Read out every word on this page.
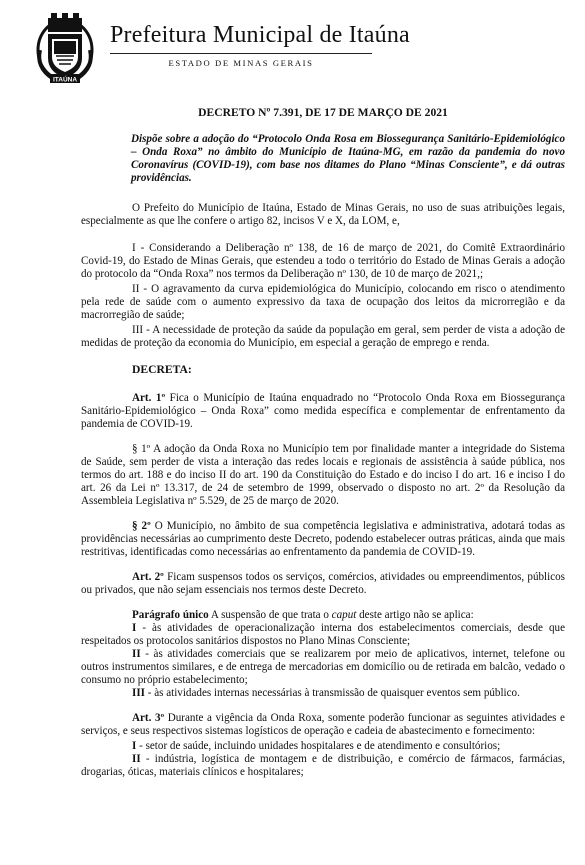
ITAÚNA
Prefeitura Municipal de Itaúna
ESTADO DE MINAS GERAIS
DECRETO Nº 7.391, DE 17 DE MARÇO DE 2021

Dispõe sobre a adoção do “Protocolo Onda Rosa em Biossegurança Sanitário-Epidemiológico – Onda Roxa” no âmbito do Município de Itaúna-MG, em razão da pandemia do novo Coronavírus (COVID-19), com base nos ditames do Plano “Minas Consciente”, e dá outras providências.

O Prefeito do Município de Itaúna, Estado de Minas Gerais, no uso de suas atribuições legais, especialmente as que lhe confere o artigo 82, incisos V e X, da LOM, e,

I - Considerando a Deliberação nº 138, de 16 de março de 2021, do Comitê Extraordinário Covid-19, do Estado de Minas Gerais, que estendeu a todo o território do Estado de Minas Gerais a adoção do protocolo da “Onda Roxa” nos termos da Deliberação nº 130, de 10 de março de 2021,;

II - O agravamento da curva epidemiológica do Município, colocando em risco o atendimento pela rede de saúde com o aumento expressivo da taxa de ocupação dos leitos da microrregião e da macrorregião de saúde;

III - A necessidade de proteção da saúde da população em geral, sem perder de vista a adoção de medidas de proteção da economia do Município, em especial a geração de emprego e renda.

DECRETA:

Art. 1º Fica o Município de Itaúna enquadrado no “Protocolo Onda Roxa em Biossegurança Sanitário-Epidemiológico – Onda Roxa” como medida específica e complementar de enfrentamento da pandemia de COVID-19.

§ 1º A adoção da Onda Roxa no Município tem por finalidade manter a integridade do Sistema de Saúde, sem perder de vista a interação das redes locais e regionais de assistência à saúde pública, nos termos do art. 188 e do inciso II do art. 190 da Constituição do Estado e do inciso I do art. 16 e inciso I do art. 26 da Lei nº 13.317, de 24 de setembro de 1999, observado o disposto no art. 2º da Resolução da Assembleia Legislativa nº 5.529, de 25 de março de 2020.

§ 2º O Município, no âmbito de sua competência legislativa e administrativa, adotará todas as providências necessárias ao cumprimento deste Decreto, podendo estabelecer outras práticas, ainda que mais restritivas, identificadas como necessárias ao enfrentamento da pandemia de COVID-19.

Art. 2º Ficam suspensos todos os serviços, comércios, atividades ou empreendimentos, públicos ou privados, que não sejam essenciais nos termos deste Decreto.

Parágrafo único A suspensão de que trata o caput deste artigo não se aplica:

I - às atividades de operacionalização interna dos estabelecimentos comerciais, desde que respeitados os protocolos sanitários dispostos no Plano Minas Consciente;

II - às atividades comerciais que se realizarem por meio de aplicativos, internet, telefone ou outros instrumentos similares, e de entrega de mercadorias em domicílio ou de retirada em balcão, vedado o consumo no próprio estabelecimento;

III - às atividades internas necessárias à transmissão de quaisquer eventos sem público.

Art. 3º Durante a vigência da Onda Roxa, somente poderão funcionar as seguintes atividades e serviços, e seus respectivos sistemas logísticos de operação e cadeia de abastecimento e fornecimento:

I - setor de saúde, incluindo unidades hospitalares e de atendimento e consultórios;

II - indústria, logística de montagem e de distribuição, e comércio de fármacos, farmácias, drogarias, óticas, materiais clínicos e hospitalares;
